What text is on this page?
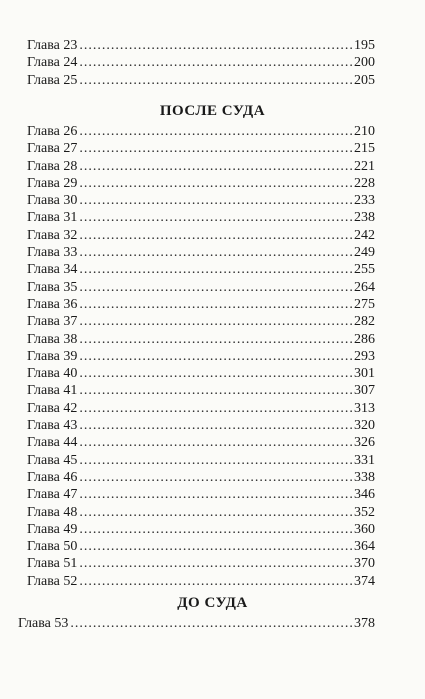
Глава 23 .....	195
Глава 24 .....	200
Глава 25 .....	205
ПОСЛЕ СУДА
Глава 26 .....	210
Глава 27 .....	215
Глава 28 .....	221
Глава 29 .....	228
Глава 30 .....	233
Глава 31 .....	238
Глава 32 .....	242
Глава 33 .....	249
Глава 34 .....	255
Глава 35 .....	264
Глава 36 .....	275
Глава 37 .....	282
Глава 38 .....	286
Глава 39 .....	293
Глава 40 .....	301
Глава 41 .....	307
Глава 42 .....	313
Глава 43 .....	320
Глава 44 .....	326
Глава 45 .....	331
Глава 46 .....	338
Глава 47 .....	346
Глава 48 .....	352
Глава 49 .....	360
Глава 50 .....	364
Глава 51 .....	370
Глава 52 .....	374
ДО СУДА
Глава 53 .....	378
